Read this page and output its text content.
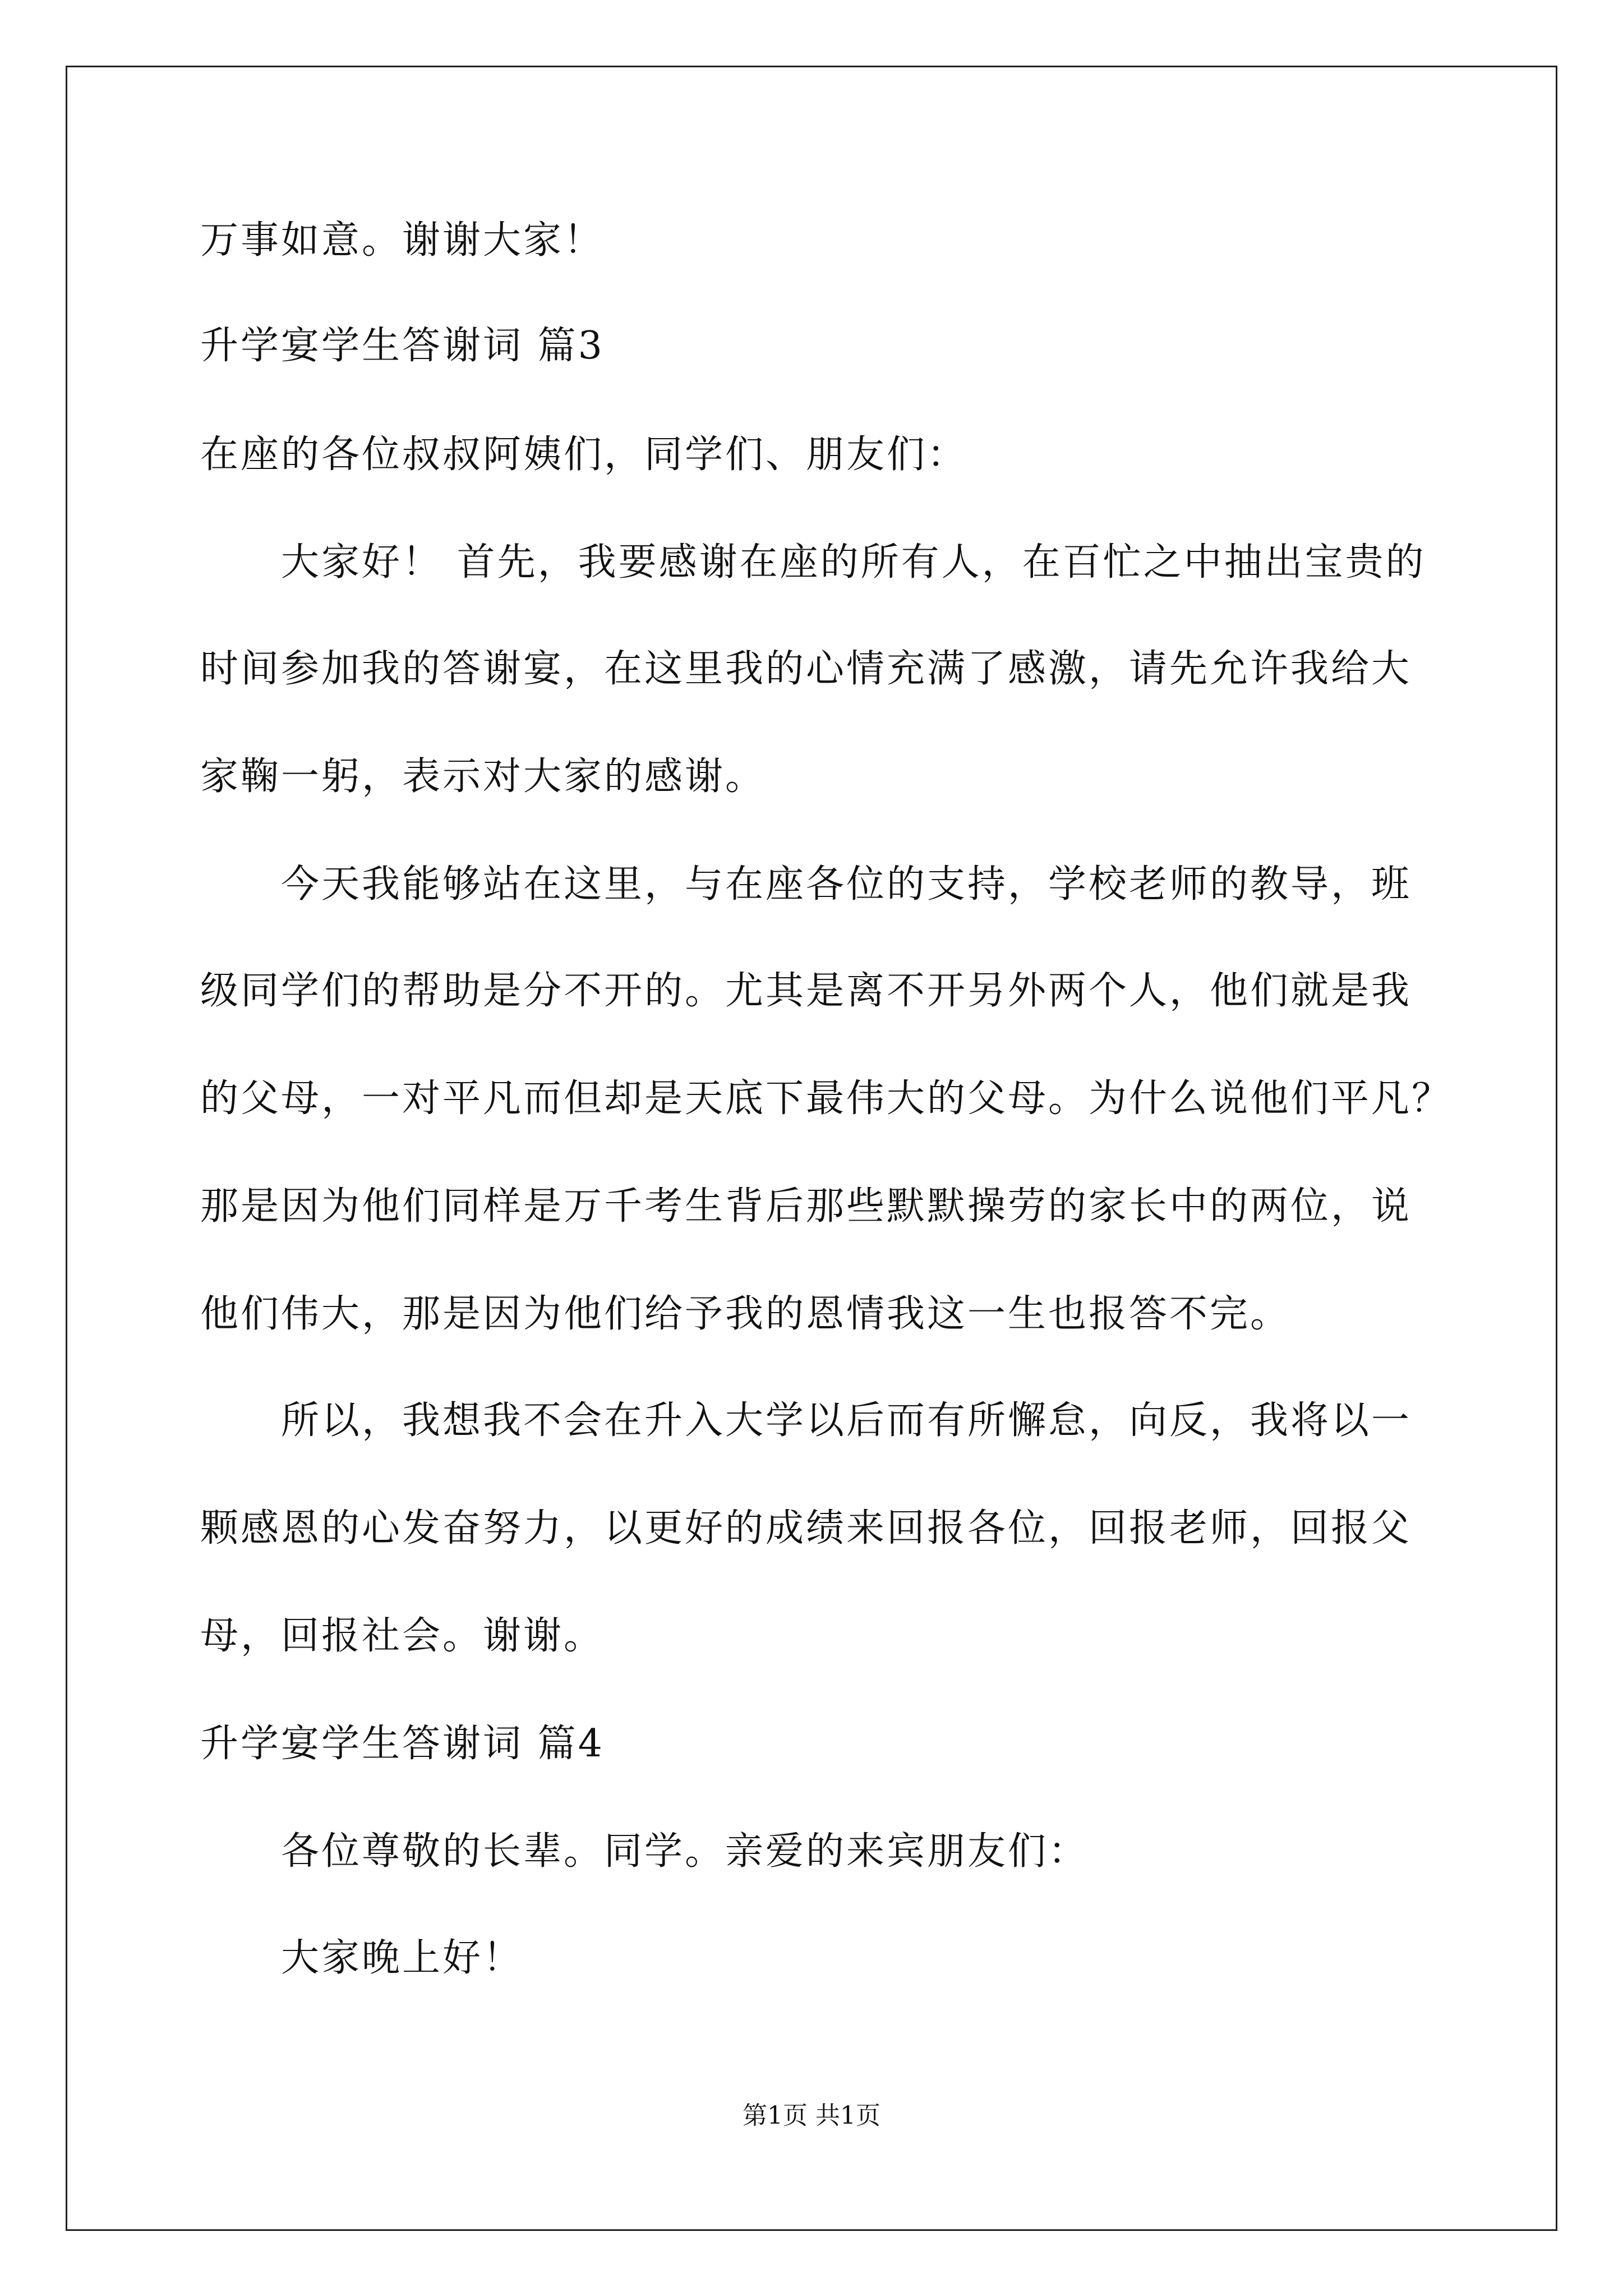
万事如意。谢谢大家！
升学宴学生答谢词 篇3
在座的各位叔叔阿姨们，同学们、朋友们：
大家好！ 首先，我要感谢在座的所有人，在百忙之中抽出宝贵的
时间参加我的答谢宴，在这里我的心情充满了感激，请先允许我给大
家鞠一躬，表示对大家的感谢。
今天我能够站在这里，与在座各位的支持，学校老师的教导，班
级同学们的帮助是分不开的。尤其是离不开另外两个人，他们就是我
的父母，一对平凡而但却是天底下最伟大的父母。为什么说他们平凡？
那是因为他们同样是万千考生背后那些默默操劳的家长中的两位，说
他们伟大，那是因为他们给予我的恩情我这一生也报答不完。
所以，我想我不会在升入大学以后而有所懈怠，向反，我将以一
颗感恩的心发奋努力，以更好的成绩来回报各位，回报老师，回报父
母，回报社会。谢谢。
升学宴学生答谢词 篇4
各位尊敬的长辈。同学。亲爱的来宾朋友们：
大家晚上好！
第1页 共1页
